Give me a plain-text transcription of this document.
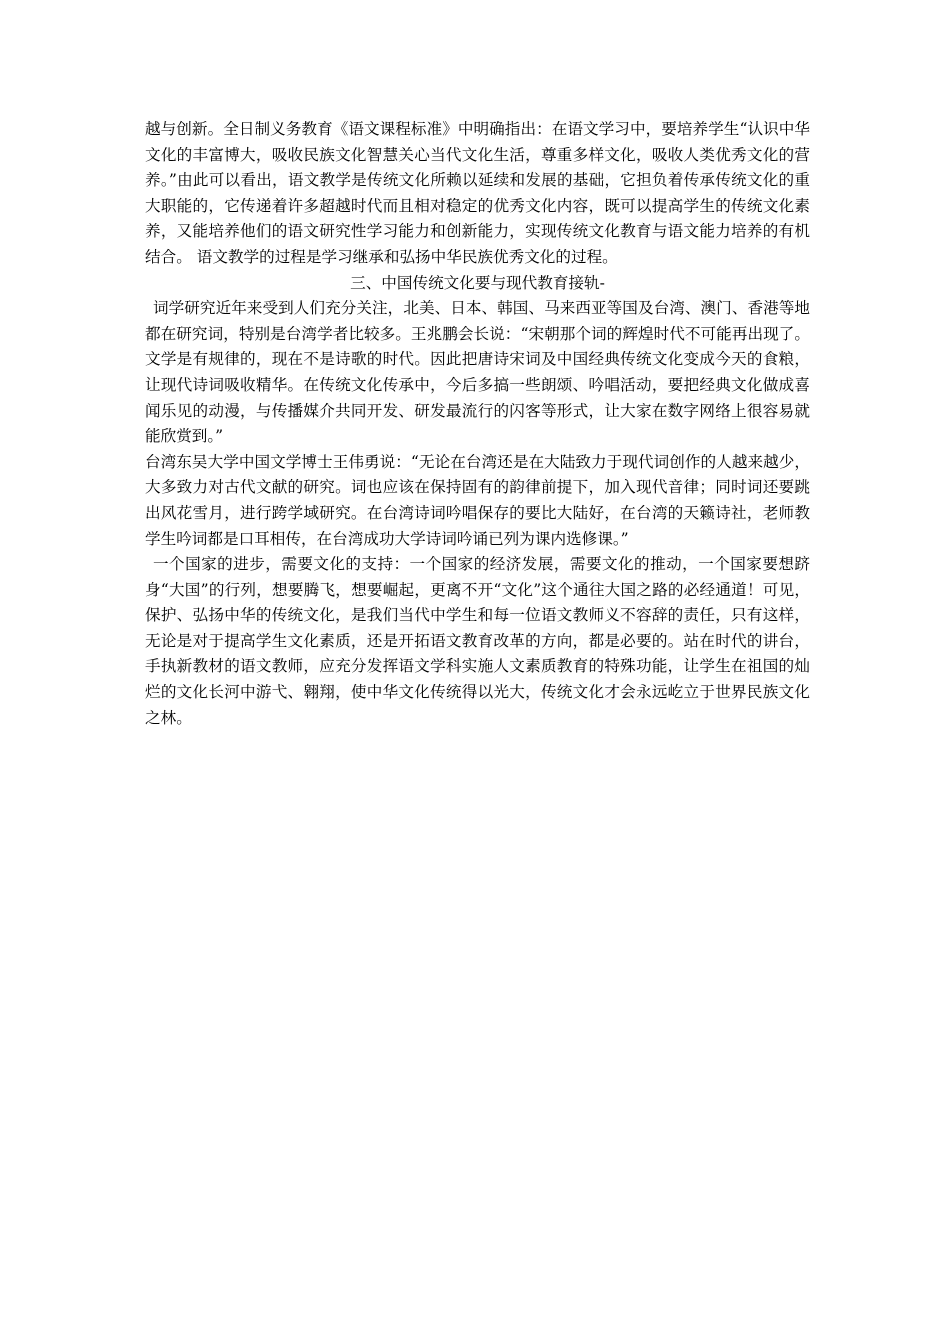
越与创新。全日制义务教育《语文课程标准》中明确指出：在语文学习中，要培养学生“认识中华文化的丰富博大，吸收民族文化智慧关心当代文化生活，尊重多样文化，吸收人类优秀文化的营养。”由此可以看出，语文教学是传统文化所赖以延续和发展的基础，它担负着传承传统文化的重大职能的，它传递着许多超越时代而且相对稳定的优秀文化内容，既可以提高学生的传统文化素养，又能培养他们的语文研究性学习能力和创新能力，实现传统文化教育与语文能力培养的有机结合。 语文教学的过程是学习继承和弘扬中华民族优秀文化的过程。

三、中国传统文化要与现代教育接轨-

词学研究近年来受到人们充分关注，北美、日本、韩国、马来西亚等国及台湾、澳门、香港等地都在研究词，特别是台湾学者比较多。王兆鹏会长说：“宋朝那个词的辉煌时代不可能再出现了。文学是有规律的，现在不是诗歌的时代。因此把唐诗宋词及中国经典传统文化变成今天的食粮，让现代诗词吸收精华。在传统文化传承中，今后多搞一些朗颂、吟唱活动，要把经典文化做成喜闻乐见的动漫，与传播媒介共同开发、研发最流行的闪客等形式，让大家在数字网络上很容易就能欣赏到。”

台湾东吴大学中国文学博士王伟勇说：“无论在台湾还是在大陆致力于现代词创作的人越来越少，大多致力对古代文献的研究。词也应该在保持固有的韵律前提下，加入现代音律；同时词还要跳出风花雪月，进行跨学域研究。在台湾诗词吟唱保存的要比大陆好，在台湾的天籁诗社，老师教学生吟词都是口耳相传，在台湾成功大学诗词吟诵已列为课内选修课。”

一个国家的进步，需要文化的支持：一个国家的经济发展，需要文化的推动，一个国家要想跻身“大国”的行列，想要腾飞，想要崛起，更离不开“文化”这个通往大国之路的必经通道！可见，保护、弘扬中华的传统文化，是我们当代中学生和每一位语文教师义不容辞的责任，只有这样，无论是对于提高学生文化素质，还是开拓语文教育改革的方向，都是必要的。站在时代的讲台，手执新教材的语文教师，应充分发挥语文学科实施人文素质教育的特殊功能，让学生在祖国的灿烂的文化长河中游弋、翱翔，使中华文化传统得以光大，传统文化才会永远屹立于世界民族文化之林。
